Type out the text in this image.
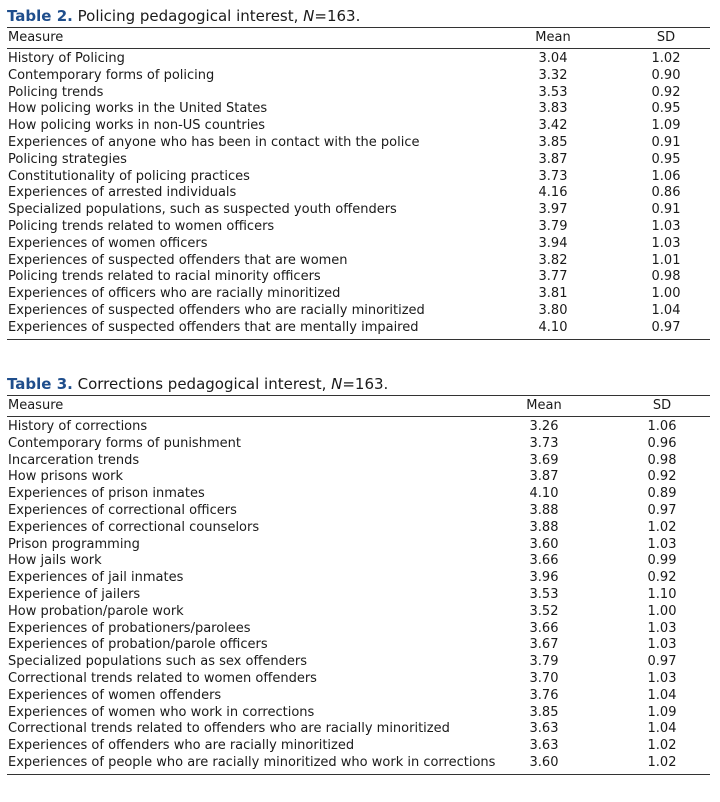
Table 2. Policing pedagogical interest, N=163.
Measure	Mean	SD
History of Policing	3.04	1.02
Contemporary forms of policing	3.32	0.90
Policing trends	3.53	0.92
How policing works in the United States	3.83	0.95
How policing works in non-US countries	3.42	1.09
Experiences of anyone who has been in contact with the police	3.85	0.91
Policing strategies	3.87	0.95
Constitutionality of policing practices	3.73	1.06
Experiences of arrested individuals	4.16	0.86
Specialized populations, such as suspected youth offenders	3.97	0.91
Policing trends related to women officers	3.79	1.03
Experiences of women officers	3.94	1.03
Experiences of suspected offenders that are women	3.82	1.01
Policing trends related to racial minority officers	3.77	0.98
Experiences of officers who are racially minoritized	3.81	1.00
Experiences of suspected offenders who are racially minoritized	3.80	1.04
Experiences of suspected offenders that are mentally impaired	4.10	0.97
Table 3. Corrections pedagogical interest, N=163.
Measure	Mean	SD
History of corrections	3.26	1.06
Contemporary forms of punishment	3.73	0.96
Incarceration trends	3.69	0.98
How prisons work	3.87	0.92
Experiences of prison inmates	4.10	0.89
Experiences of correctional officers	3.88	0.97
Experiences of correctional counselors	3.88	1.02
Prison programming	3.60	1.03
How jails work	3.66	0.99
Experiences of jail inmates	3.96	0.92
Experience of jailers	3.53	1.10
How probation/parole work	3.52	1.00
Experiences of probationers/parolees	3.66	1.03
Experiences of probation/parole officers	3.67	1.03
Specialized populations such as sex offenders	3.79	0.97
Correctional trends related to women offenders	3.70	1.03
Experiences of women offenders	3.76	1.04
Experiences of women who work in corrections	3.85	1.09
Correctional trends related to offenders who are racially minoritized	3.63	1.04
Experiences of offenders who are racially minoritized	3.63	1.02
Experiences of people who are racially minoritized who work in corrections	3.60	1.02
